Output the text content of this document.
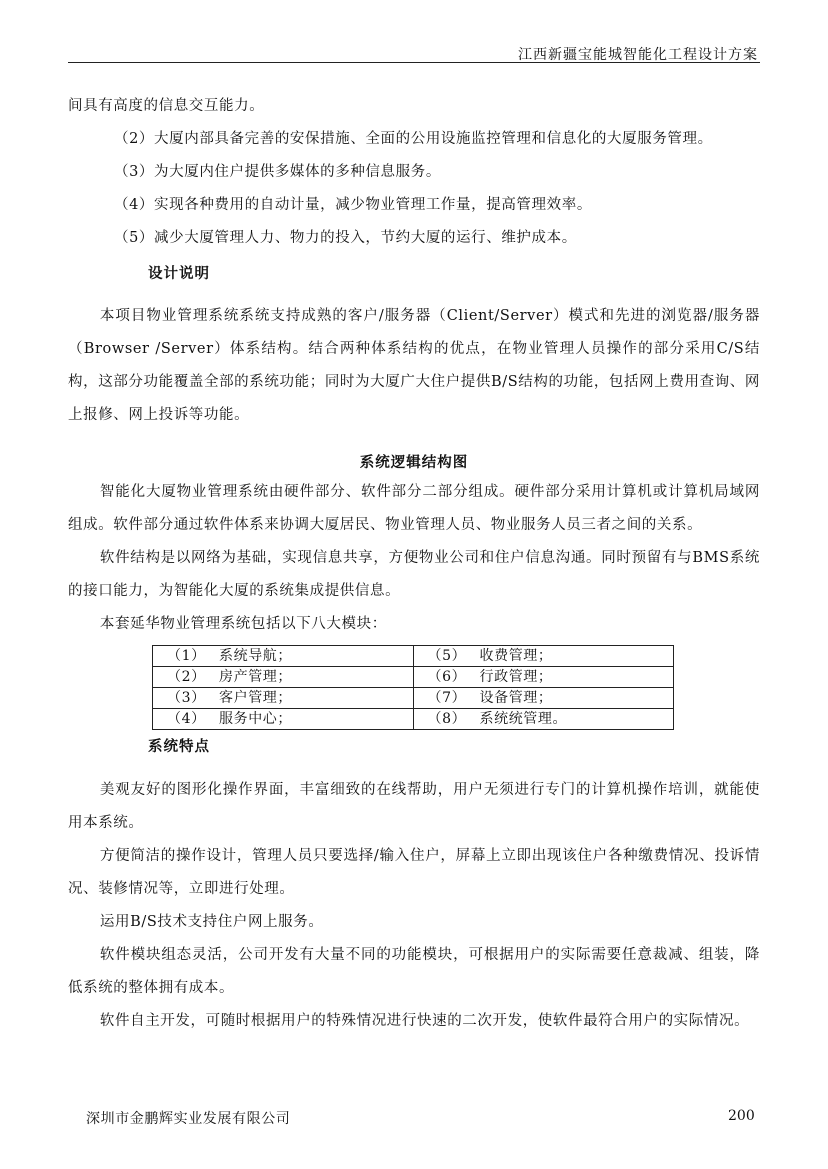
江西新疆宝能城智能化工程设计方案

间具有高度的信息交互能力。

（2）大厦内部具备完善的安保措施、全面的公用设施监控管理和信息化的大厦服务管理。

（3）为大厦内住户提供多媒体的多种信息服务。

（4）实现各种费用的自动计量，减少物业管理工作量，提高管理效率。

（5）减少大厦管理人力、物力的投入，节约大厦的运行、维护成本。

设计说明

本项目物业管理系统系统支持成熟的客户/服务器（Client/Server）模式和先进的浏览器/服务器（Browser /Server）体系结构。结合两种体系结构的优点，在物业管理人员操作的部分采用C/S结构，这部分功能覆盖全部的系统功能；同时为大厦广大住户提供B/S结构的功能，包括网上费用查询、网上报修、网上投诉等功能。

系统逻辑结构图

智能化大厦物业管理系统由硬件部分、软件部分二部分组成。硬件部分采用计算机或计算机局域网组成。软件部分通过软件体系来协调大厦居民、物业管理人员、物业服务人员三者之间的关系。

软件结构是以网络为基础，实现信息共享，方便物业公司和住户信息沟通。同时预留有与BMS系统的接口能力，为智能化大厦的系统集成提供信息。

本套延华物业管理系统包括以下八大模块：

（1） 系统导航；	（5） 收费管理；
（2） 房产管理；	（6） 行政管理；
（3） 客户管理；	（7） 设备管理；
（4） 服务中心；	（8） 系统统管理。

系统特点

美观友好的图形化操作界面，丰富细致的在线帮助，用户无须进行专门的计算机操作培训，就能使用本系统。

方便简洁的操作设计，管理人员只要选择/输入住户，屏幕上立即出现该住户各种缴费情况、投诉情况、装修情况等，立即进行处理。

运用B/S技术支持住户网上服务。

软件模块组态灵活，公司开发有大量不同的功能模块，可根据用户的实际需要任意裁减、组装，降低系统的整体拥有成本。

软件自主开发，可随时根据用户的特殊情况进行快速的二次开发，使软件最符合用户的实际情况。

深圳市金鹏辉实业发展有限公司	200
